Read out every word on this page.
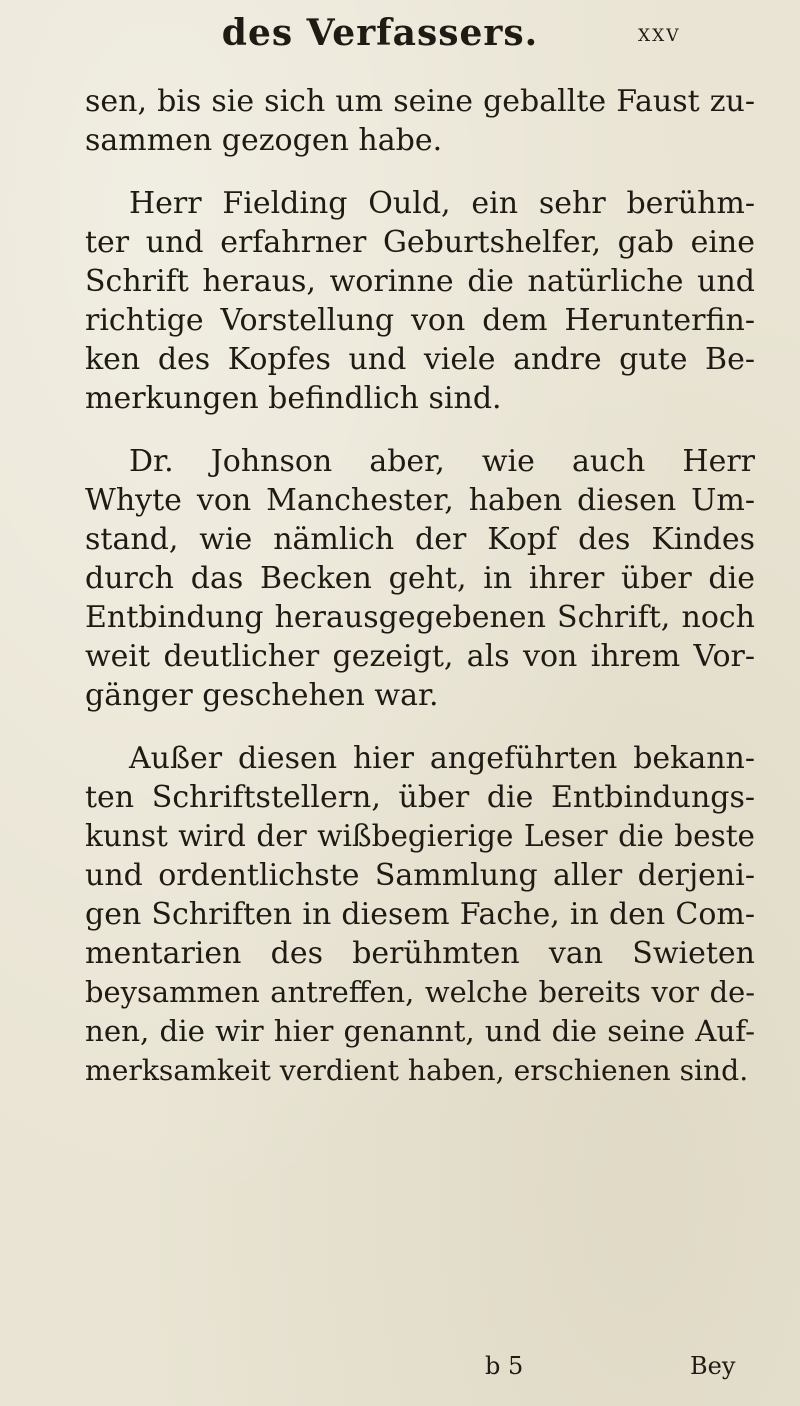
des Verfassers.	XXV
sen, bis sie sich um seine geballte Faust zu-
sammen gezogen habe.
Herr Fielding Ould, ein sehr berühm-
ter und erfahrner Geburtshelfer, gab eine
Schrift heraus, worinne die natürliche und
richtige Vorstellung von dem Herunterfin-
ken des Kopfes und viele andre gute Be-
merkungen befindlich sind.
Dr. Johnson aber, wie auch Herr
Whyte von Manchester, haben diesen Um-
stand, wie nämlich der Kopf des Kindes
durch das Becken geht, in ihrer über die
Entbindung herausgegebenen Schrift, noch
weit deutlicher gezeigt, als von ihrem Vor-
gänger geschehen war.
Außer diesen hier angeführten bekann-
ten Schriftstellern, über die Entbindungs-
kunst wird der wißbegierige Leser die beste
und ordentlichste Sammlung aller derjeni-
gen Schriften in diesem Fache, in den Com-
mentarien des berühmten van Swieten
beysammen antreffen, welche bereits vor de-
nen, die wir hier genannt, und die seine Auf-
merksamkeit verdient haben, erschienen sind.
b 5	Bey
